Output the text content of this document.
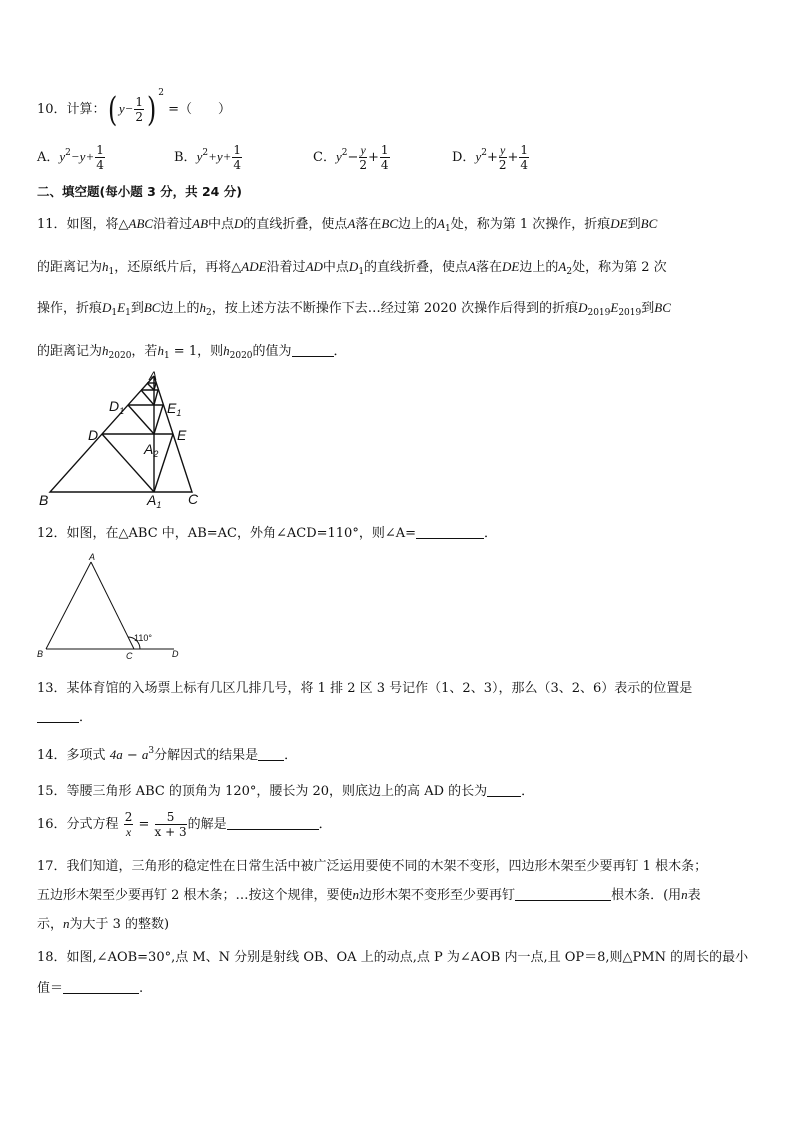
10．计算：( $y- \frac{1}{2}$ ) $^2$ =（　　）
A．$y^2-y+ \frac{1}{4}$	B．$y^2+y+ \frac{1}{4}$	C．$y^2- \frac{y}{2} + \frac{1}{4}$	D．$y^2+ \frac{y}{2} + \frac{1}{4}$
二、填空题(每小题 3 分，共 24 分)
11．如图，将△ABC沿着过AB中点D的直线折叠，使点A落在BC边上的$A_1$处，称为第 1 次操作，折痕DE到BC
的距离记为$h_1$，还原纸片后，再将△ADE沿着过AD中点$D_1$的直线折叠，使点A落在DE边上的$A_2$处，称为第 2 次
操作，折痕$D_1E_1$到BC边上的$h_2$，按上述方法不断操作下去…经过第 2020 次操作后得到的折痕$D_{2019}E_{2019}$到BC
的距离记为$h_{2020}$，若$h_1 = 1$，则$h_{2020}$的值为	．
A
$D_1$	$E_1$
D	E
$A_2$
B	$A_1$ C
12．如图，在△ABC 中，AB=AC，外角∠ACD=110°，则∠A=	．
A
B	C	D
110°
13．某体育馆的入场票上标有几区几排几号，将 1 排 2 区 3 号记作（1、2、3），那么（3、2、6）表示的位置是
．
14．多项式 $4a - a^3$分解因式的结果是 ．
15．等腰三角形 ABC 的顶角为 120°，腰长为 20，则底边上的高 AD 的长为	．
16．分式方程 $\frac{2}{x} = \frac{5}{x + 3}$ 的解是	．
17．我们知道，三角形的稳定性在日常生活中被广泛运用要使不同的木架不变形，四边形木架至少要再钉 1 根木条；
五边形木架至少要再钉 2 根木条；…按这个规律，要使n边形木架不变形至少要再钉	根木条．(用n表
示，n为大于 3 的整数)
18．如图,∠AOB=30°,点 M、N 分别是射线 OB、OA 上的动点,点 P 为∠AOB 内一点,且 OP＝8,则△PMN 的周长的最小
值＝	.
